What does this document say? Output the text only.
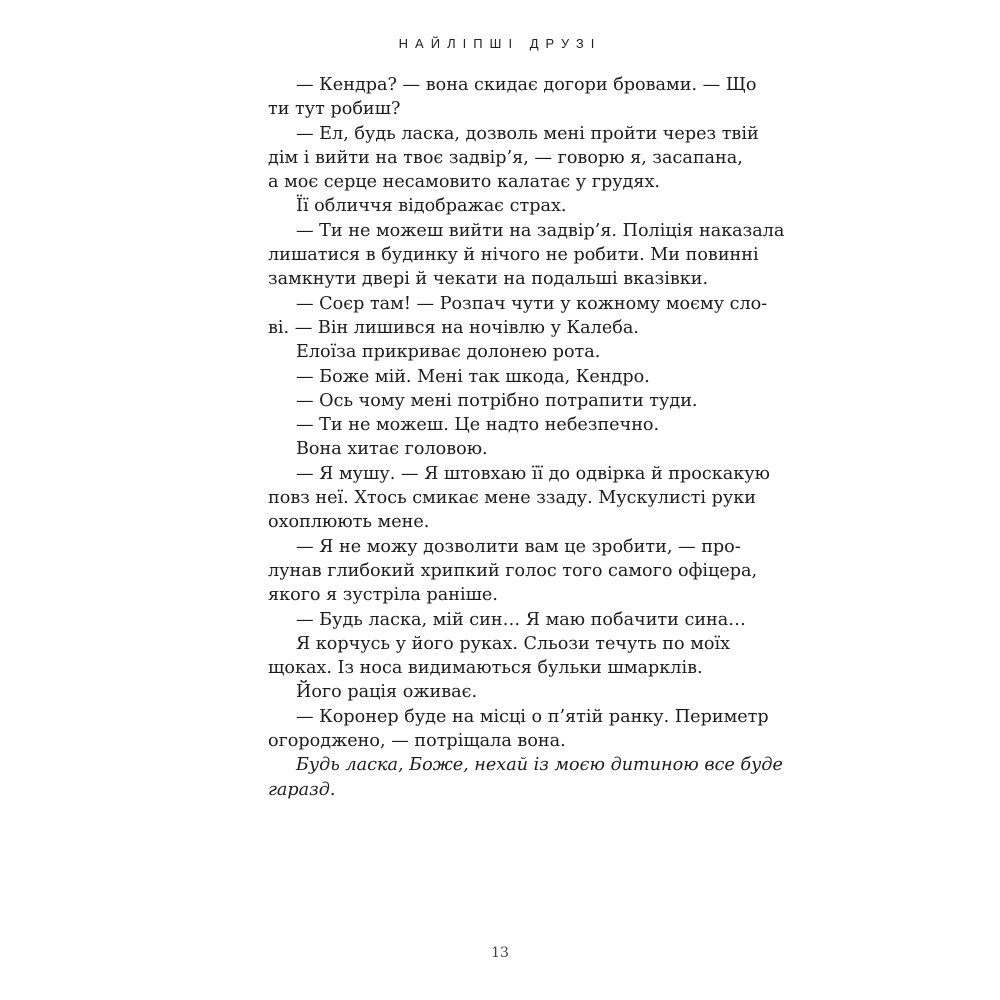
НАЙЛІПШІ ДРУЗІ
— Кендра? — вона скидає догори бровами. — Що
ти тут робиш?
— Ел, будь ласка, дозволь мені пройти через твій
дім і вийти на твоє задвір’я, — говорю я, засапана,
а моє серце несамовито калатає у грудях.
Її обличчя відображає страх.
— Ти не можеш вийти на задвір’я. Поліція наказала
лишатися в будинку й нічого не робити. Ми повинні
замкнути двері й чекати на подальші вказівки.
— Соєр там! — Розпач чути у кожному моєму сло-
ві. — Він лишився на ночівлю у Калеба.
Елоїза прикриває долонею рота.
— Боже мій. Мені так шкода, Кендро.
— Ось чому мені потрібно потрапити туди.
— Ти не можеш. Це надто небезпечно.
Вона хитає головою.
— Я мушу. — Я штовхаю її до одвірка й проскакую
повз неї. Хтось смикає мене ззаду. Мускулисті руки
охоплюють мене.
— Я не можу дозволити вам це зробити, — про-
лунав глибокий хрипкий голос того самого офіцера,
якого я зустріла раніше.
— Будь ласка, мій син… Я маю побачити сина…
Я корчусь у його руках. Сльози течуть по моїх
щоках. Із носа видимаються бульки шмарклів.
Його рація оживає.
— Коронер буде на місці о п’ятій ранку. Периметр
огороджено, — потріщала вона.
Будь ласка, Боже, нехай із моєю дитиною все буде
гаразд.
13
